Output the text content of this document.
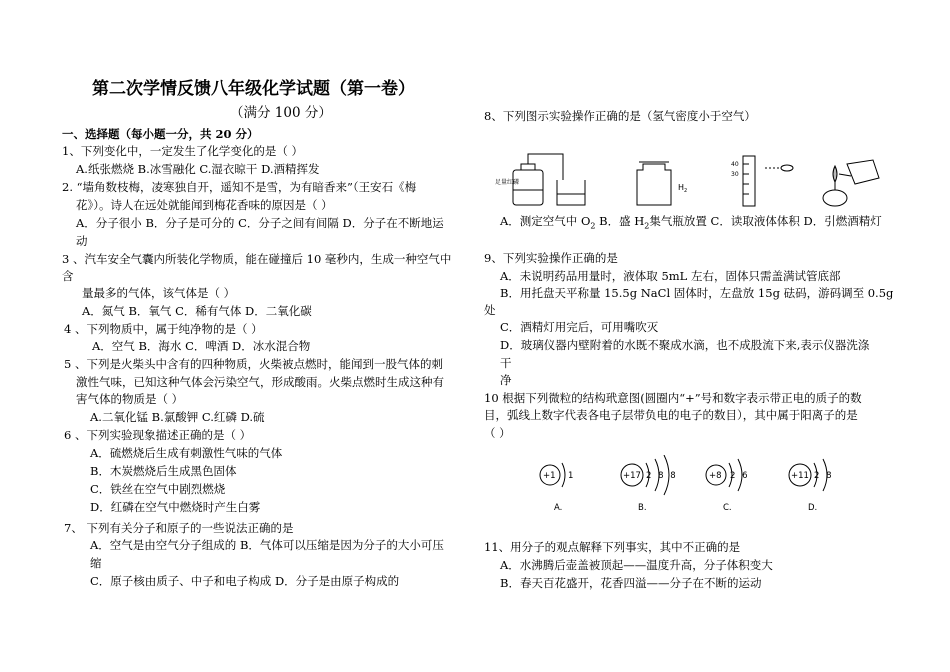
第二次学情反馈八年级化学试题（第一卷）
（满分 100 分）
一、选择题（每小题一分，共 20 分）
1、下列变化中，一定发生了化学变化的是（ ）
A.纸张燃烧 B.冰雪融化 C.湿衣晾干 D.酒精挥发
2. “墙角数枝梅，凌寒独自开，遥知不是雪，为有暗香来”（王安石《梅
花》）。诗人在远处就能闻到梅花香味的原因是（ ）
A．分子很小 B．分子是可分的 C．分子之间有间隔 D．分子在不断地运
动
3 、汽车安全气囊内所装化学物质，能在碰撞后 10 毫秒内，生成一种空气中
含
量最多的气体，该气体是（ ）
A．氮气 B．氧气 C．稀有气体 D．二氧化碳
4 、下列物质中，属于纯净物的是（ ）
A．空气 B．海水 C．啤酒 D．冰水混合物
5 、下列是火柴头中含有的四种物质，火柴被点燃时，能闻到一股气体的刺
激性气味，已知这种气体会污染空气，形成酸雨。火柴点燃时生成这种有
害气体的物质是（ ）
A.二氧化锰 B.氯酸钾 C.红磷 D.硫
6 、下列实验现象描述正确的是（ ）
A．硫燃烧后生成有刺激性气味的气体
B．木炭燃烧后生成黑色固体
C．铁丝在空气中剧烈燃烧
D．红磷在空气中燃烧时产生白雾
7、 下列有关分子和原子的一些说法正确的是
A．空气是由空气分子组成的 B．气体可以压缩是因为分子的大小可压
缩
C．原子核由质子、中子和电子构成 D．分子是由原子构成的
8、下列图示实验操作正确的是（氢气密度小于空气）
足量红磷
$H_2$
40
30
A．测定空气中 $O_2$ B．盛 $H_2$集气瓶放置 C．读取液体体积 D．引燃酒精灯
9、下列实验操作正确的是
A．未说明药品用量时，液体取 5mL 左右，固体只需盖满试管底部
B．用托盘天平称量 15.5g NaCl 固体时，左盘放 15g 砝码，游码调至 0.5g
处
C．酒精灯用完后，可用嘴吹灭
D．玻璃仪器内壁附着的水既不聚成水滴，也不成股流下来,表示仪器洗涤
干
净
10 根据下列微粒的结构玳意图(圆圈内“+”号和数字表示带正电的质子的数
目，弧线上数字代表各电子层带负电的电子的数目），其中属于阳离子的是
（ ）
+1 1
A.
+17 2 8 8
B.
+8 2 6
C.
+11 2 8
D.
11、用分子的观点解释下列事实，其中不正确的是
A．水沸腾后壶盖被顶起——温度升高，分子体积变大
B．春天百花盛开，花香四溢——分子在不断的运动
